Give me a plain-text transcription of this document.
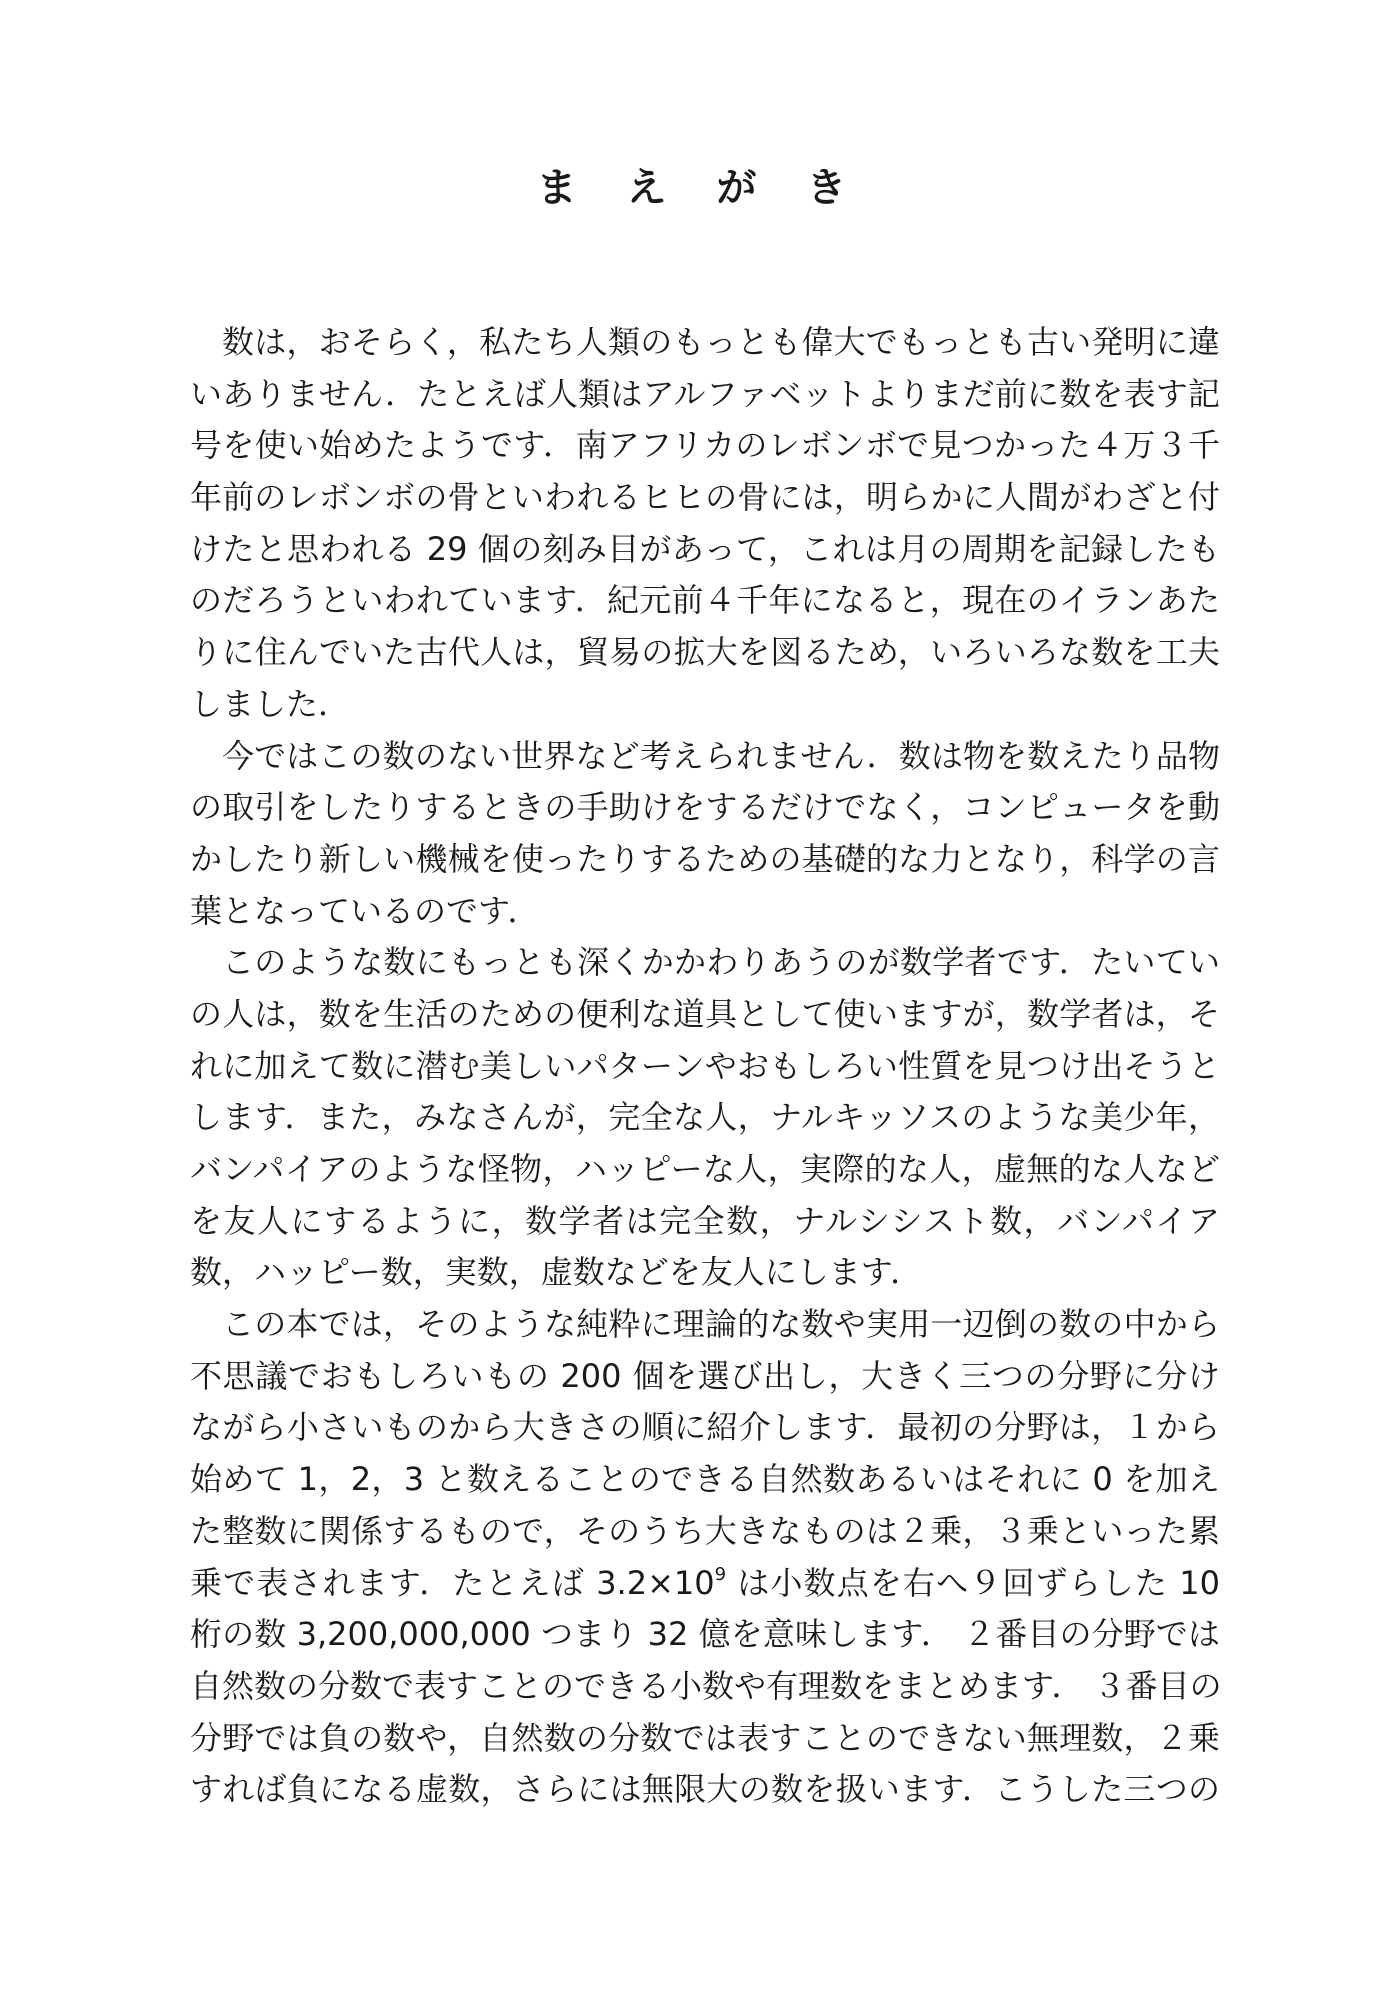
ま え が き
数は，おそらく，私たち人類のもっとも偉大でもっとも古い発明に違
いありません．たとえば人類はアルファベットよりまだ前に数を表す記
号を使い始めたようです．南アフリカのレボンボで見つかった４万３千
年前のレボンボの骨といわれるヒヒの骨には，明らかに人間がわざと付
けたと思われる 29 個の刻み目があって，これは月の周期を記録したも
のだろうといわれています．紀元前４千年になると，現在のイランあた
りに住んでいた古代人は，貿易の拡大を図るため，いろいろな数を工夫
しました．
今ではこの数のない世界など考えられません．数は物を数えたり品物
の取引をしたりするときの手助けをするだけでなく，コンピュータを動
かしたり新しい機械を使ったりするための基礎的な力となり，科学の言
葉となっているのです．
このような数にもっとも深くかかわりあうのが数学者です．たいてい
の人は，数を生活のための便利な道具として使いますが，数学者は，そ
れに加えて数に潜む美しいパターンやおもしろい性質を見つけ出そうと
します．また，みなさんが，完全な人，ナルキッソスのような美少年，
バンパイアのような怪物，ハッピーな人，実際的な人，虚無的な人など
を友人にするように，数学者は完全数，ナルシシスト数，バンパイア
数，ハッピー数，実数，虚数などを友人にします．
この本では，そのような純粋に理論的な数や実用一辺倒の数の中から
不思議でおもしろいもの 200 個を選び出し，大きく三つの分野に分け
ながら小さいものから大きさの順に紹介します．最初の分野は，１から
始めて 1，2，3 と数えることのできる自然数あるいはそれに 0 を加え
た整数に関係するもので，そのうち大きなものは２乗，３乗といった累
乗で表されます．たとえば $3.2\times 10^9$ は小数点を右へ９回ずらした 10
桁の数 3,200,000,000 つまり 32 億を意味します． ２番目の分野では
自然数の分数で表すことのできる小数や有理数をまとめます． ３番目の
分野では負の数や，自然数の分数では表すことのできない無理数，２乗
すれば負になる虚数，さらには無限大の数を扱います．こうした三つの
